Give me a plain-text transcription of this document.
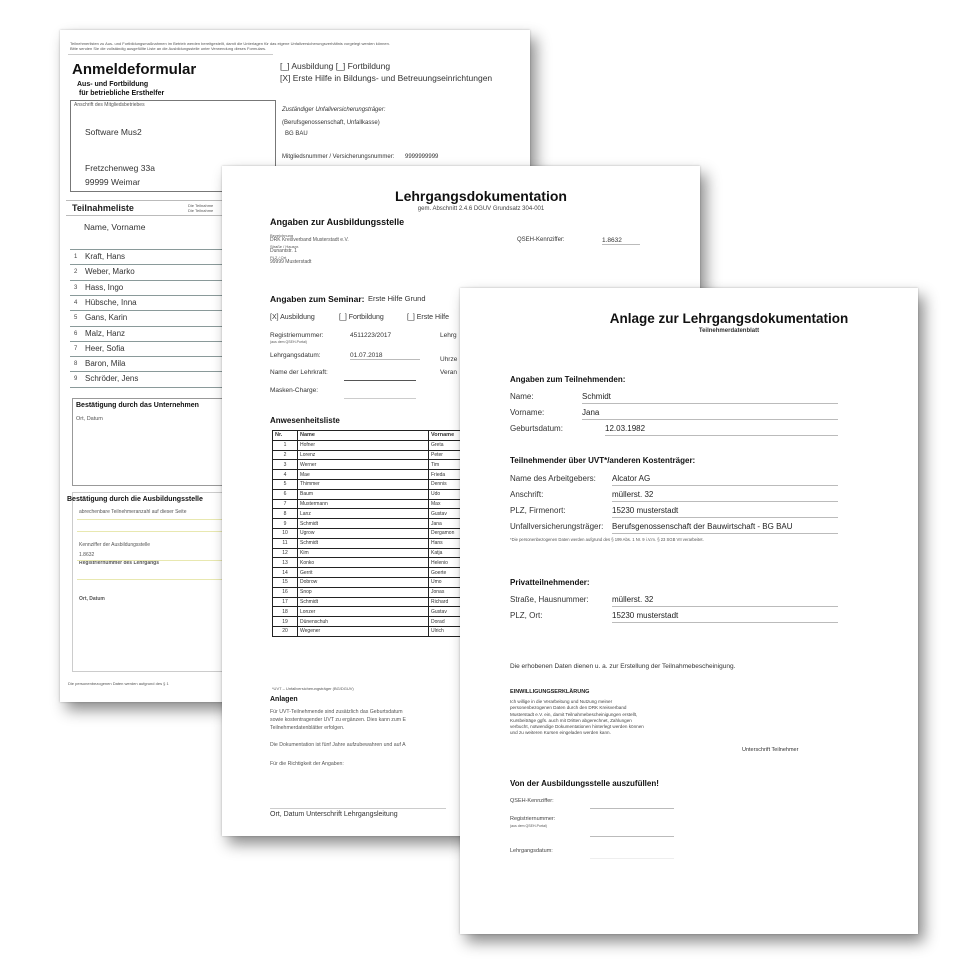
Teilnehmerlisten zu Aus- und Fortbildungsmaßnahmen im Betrieb werden bereitgestellt, damit die Unterlagen für das eigene Unfallversicherungsverhältnis vorgelegt werden können.
Bitte senden Sie die vollständig ausgefüllte Liste an die Ausbildungsstelle unter Verwendung dieses Formulars.
Anmeldeformular
Aus- und Fortbildung
für betriebliche Ersthelfer
[_] Ausbildung [_] Fortbildung
[X] Erste Hilfe in Bildungs- und Betreuungseinrichtungen
Anschrift des Mitgliedsbetriebes
Software Mus2
Fretzchenweg 33a
99999 Weimar
Zuständiger Unfallversicherungsträger:
(Berufsgenossenschaft, Unfallkasse)
BG BAU
Mitgliedsnummer / Versicherungsnummer: 9999999999
Teilnahmeliste	Die Teilnahme
Die Teilnahme
Name, Vorname
1 Kraft, Hans
2 Weber, Marko
3 Hass, Ingo
4 Hübsche, Inna
5 Gans, Karin
6 Malz, Hanz
7 Heer, Sofia
8 Baron, Mila
9 Schröder, Jens
Bestätigung durch das Unternehmen
Ort, Datum
Bestätigung durch die Ausbildungsstelle
abrechenbare Teilnehmeranzahl auf dieser Seite
Kennziffer der Ausbildungsstelle
1.8632
Registriernummer des Lehrgangs
Ort, Datum
Die personenbezogenen Daten werden aufgrund des § 1
Lehrgangsdokumentation
gem. Abschnitt 2.4.6 DGUV Grundsatz 304-001
Angaben zur Ausbildungsstelle
Bezeichnung
DRK Kreisverband Musterstadt e.V.
Straße / Hausnr.
Dunantstr. 1
PLZ / Ort
99999 Musterstadt
QSEH-Kennziffer:	1.8632
Angaben zum Seminar: Erste Hilfe Grund
[X] Ausbildung	[_] Fortbildung	[_] Erste Hilfe
Registriernummer:
(aus dem QSEH-Portal)
4511223/2017	Lehrg
Lehrgangsdatum:	01.07.2018
Uhrze
Name der Lehrkraft:	Veran
Masken-Charge:
Anwesenheitsliste
Nr.	Name	Vorname
1	Hofner	Greta
2	Lorenz	Peter
3	Werner	Tim
4	Mae	Frieda
5	Thimmer	Dennis
6	Baum	Udo
7	Mustermann	Max
8	Lanz	Gustav
9	Schmidt	Jana
10	Ugrow	Dergamon
11	Schmidt	Hans
12	Kim	Katja
13	Konko	Helenio
14	Gerrit	Goerte
15	Dobrow	Umo
16	Snop	Jonas
17	Schmidt	Richard
18	Lonzer	Gustav
19	Dünenschuh	Dorad
20	Wegener	Ulrich
*UVT – Unfallversicherungsträger (BG/DGUV)
Anlagen
Für UVT-Teilnehmende sind zusätzlich das Geburtsdatum
sowie kostentragender UVT zu ergänzen. Dies kann zum E
Teilnehmerdatenblätter erfolgen.
Die Dokumentation ist fünf Jahre aufzubewahren und auf A
Für die Richtigkeit der Angaben:
Ort, Datum Unterschrift Lehrgangsleitung
Anlage zur Lehrgangsdokumentation
Teilnehmerdatenblatt
Angaben zum Teilnehmenden:
Name:	Schmidt
Vorname:	Jana
Geburtsdatum:	12.03.1982
Teilnehmender über UVT*/anderen Kostenträger:
Name des Arbeitgebers: Alcator AG
Anschrift:	müllerst. 32
PLZ, Firmenort:	15230 musterstadt
Unfallversicherungsträger: Berufsgenossenschaft der Bauwirtschaft - BG BAU
*Die personenbezogenen Daten werden aufgrund des § 199 Abs. 1 Nr. 9 i.V.m. § 23 SGB VII verarbeitet.
Privatteilnehmender:
Straße, Hausnummer:	müllerst. 32
PLZ, Ort:	15230 musterstadt
Die erhobenen Daten dienen u. a. zur Erstellung der Teilnahmebescheinigung.
EINWILLIGUNGSERKLÄRUNG
Ich willige in die Verarbeitung und Nutzung meiner
personenbezogenen Daten durch den DRK Kreisverband
Musterstadt e.V. ein, damit Teilnahmebescheinigungen erstellt,
Kursbeiträge ggfs. auch mit Dritten abgerechnet, Zahlungen
verbucht, notwendige Dokumentationen hinterlegt werden können
und zu weiteren Kursen eingeladen werden kann.
Unterschrift Teilnehmer
Von der Ausbildungsstelle auszufüllen!
QSEH-Kennziffer:
Registriernummer:
(aus dem QSEH-Portal)
Lehrgangsdatum:
